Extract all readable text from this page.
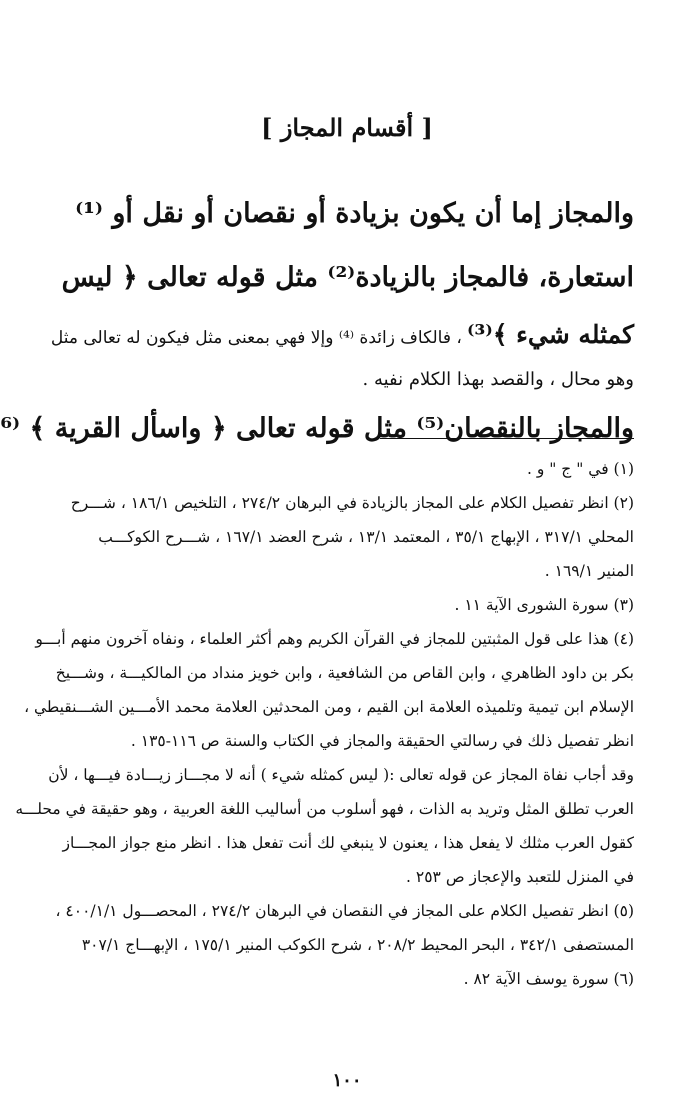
[ أقسام المجاز ]
والمجاز إما أن يكون بزيادة أو نقصان أو نقل أو ⁽¹⁾
استعارة، فالمجاز بالزيادة⁽²⁾ مثل قوله تعالى ﴿ ليس
كمثله شيء ﴾⁽³⁾ ، فالكاف زائدة ⁽⁴⁾ وإلا فهي بمعنى مثل فيكون له تعالى مثل
وهو محال ، والقصد بهذا الكلام نفيه .
والمجاز بالنقصان⁽⁵⁾ مثل قوله تعالى ﴿ واسأل القرية ﴾ ⁽⁶
(١) في " ج " و .
(٢) انظر تفصيل الكلام على المجاز بالزيادة في البرهان ٢٧٤/٢ ، التلخيص ١٨٦/١ ، شـــرح
المحلي ٣١٧/١ ، الإبهاج ٣٥/١ ، المعتمد ١٣/١ ، شرح العضد ١٦٧/١ ، شـــرح الكوكـــب
المنير ١٦٩/١ .
(٣) سورة الشورى الآية ١١ .
(٤) هذا على قول المثبتين للمجاز في القرآن الكريم وهم أكثر العلماء ، ونفاه آخرون منهم أبـــو
بكر بن داود الظاهري ، وابن القاص من الشافعية ، وابن خويز منداد من المالكيـــة ، وشـــيخ
الإسلام ابن تيمية وتلميذه العلامة ابن القيم ، ومن المحدثين العلامة محمد الأمـــين الشـــنقيطي ،
انظر تفصيل ذلك في رسالتي الحقيقة والمجاز في الكتاب والسنة ص ١١٦-١٣٥ .
وقد أجاب نفاة المجاز عن قوله تعالى :( ليس كمثله شيء ) أنه لا مجـــاز زيـــادة فيـــها ، لأن
العرب تطلق المثل وتريد به الذات ، فهو أسلوب من أساليب اللغة العربية ، وهو حقيقة في محلـــه
كقول العرب مثلك لا يفعل هذا ، يعنون لا ينبغي لك أنت تفعل هذا . انظر منع جواز المجـــاز
في المنزل للتعبد والإعجاز ص ٢٥٣ .
(٥) انظر تفصيل الكلام على المجاز في النقصان في البرهان ٢٧٤/٢ ، المحصـــول ٤٠٠/١/١ ،
المستصفى ٣٤٢/١ ، البحر المحيط ٢٠٨/٢ ، شرح الكوكب المنير ١٧٥/١ ، الإبهـــاج ٣٠٧/١
(٦) سورة يوسف الآية ٨٢ .
١٠٠
